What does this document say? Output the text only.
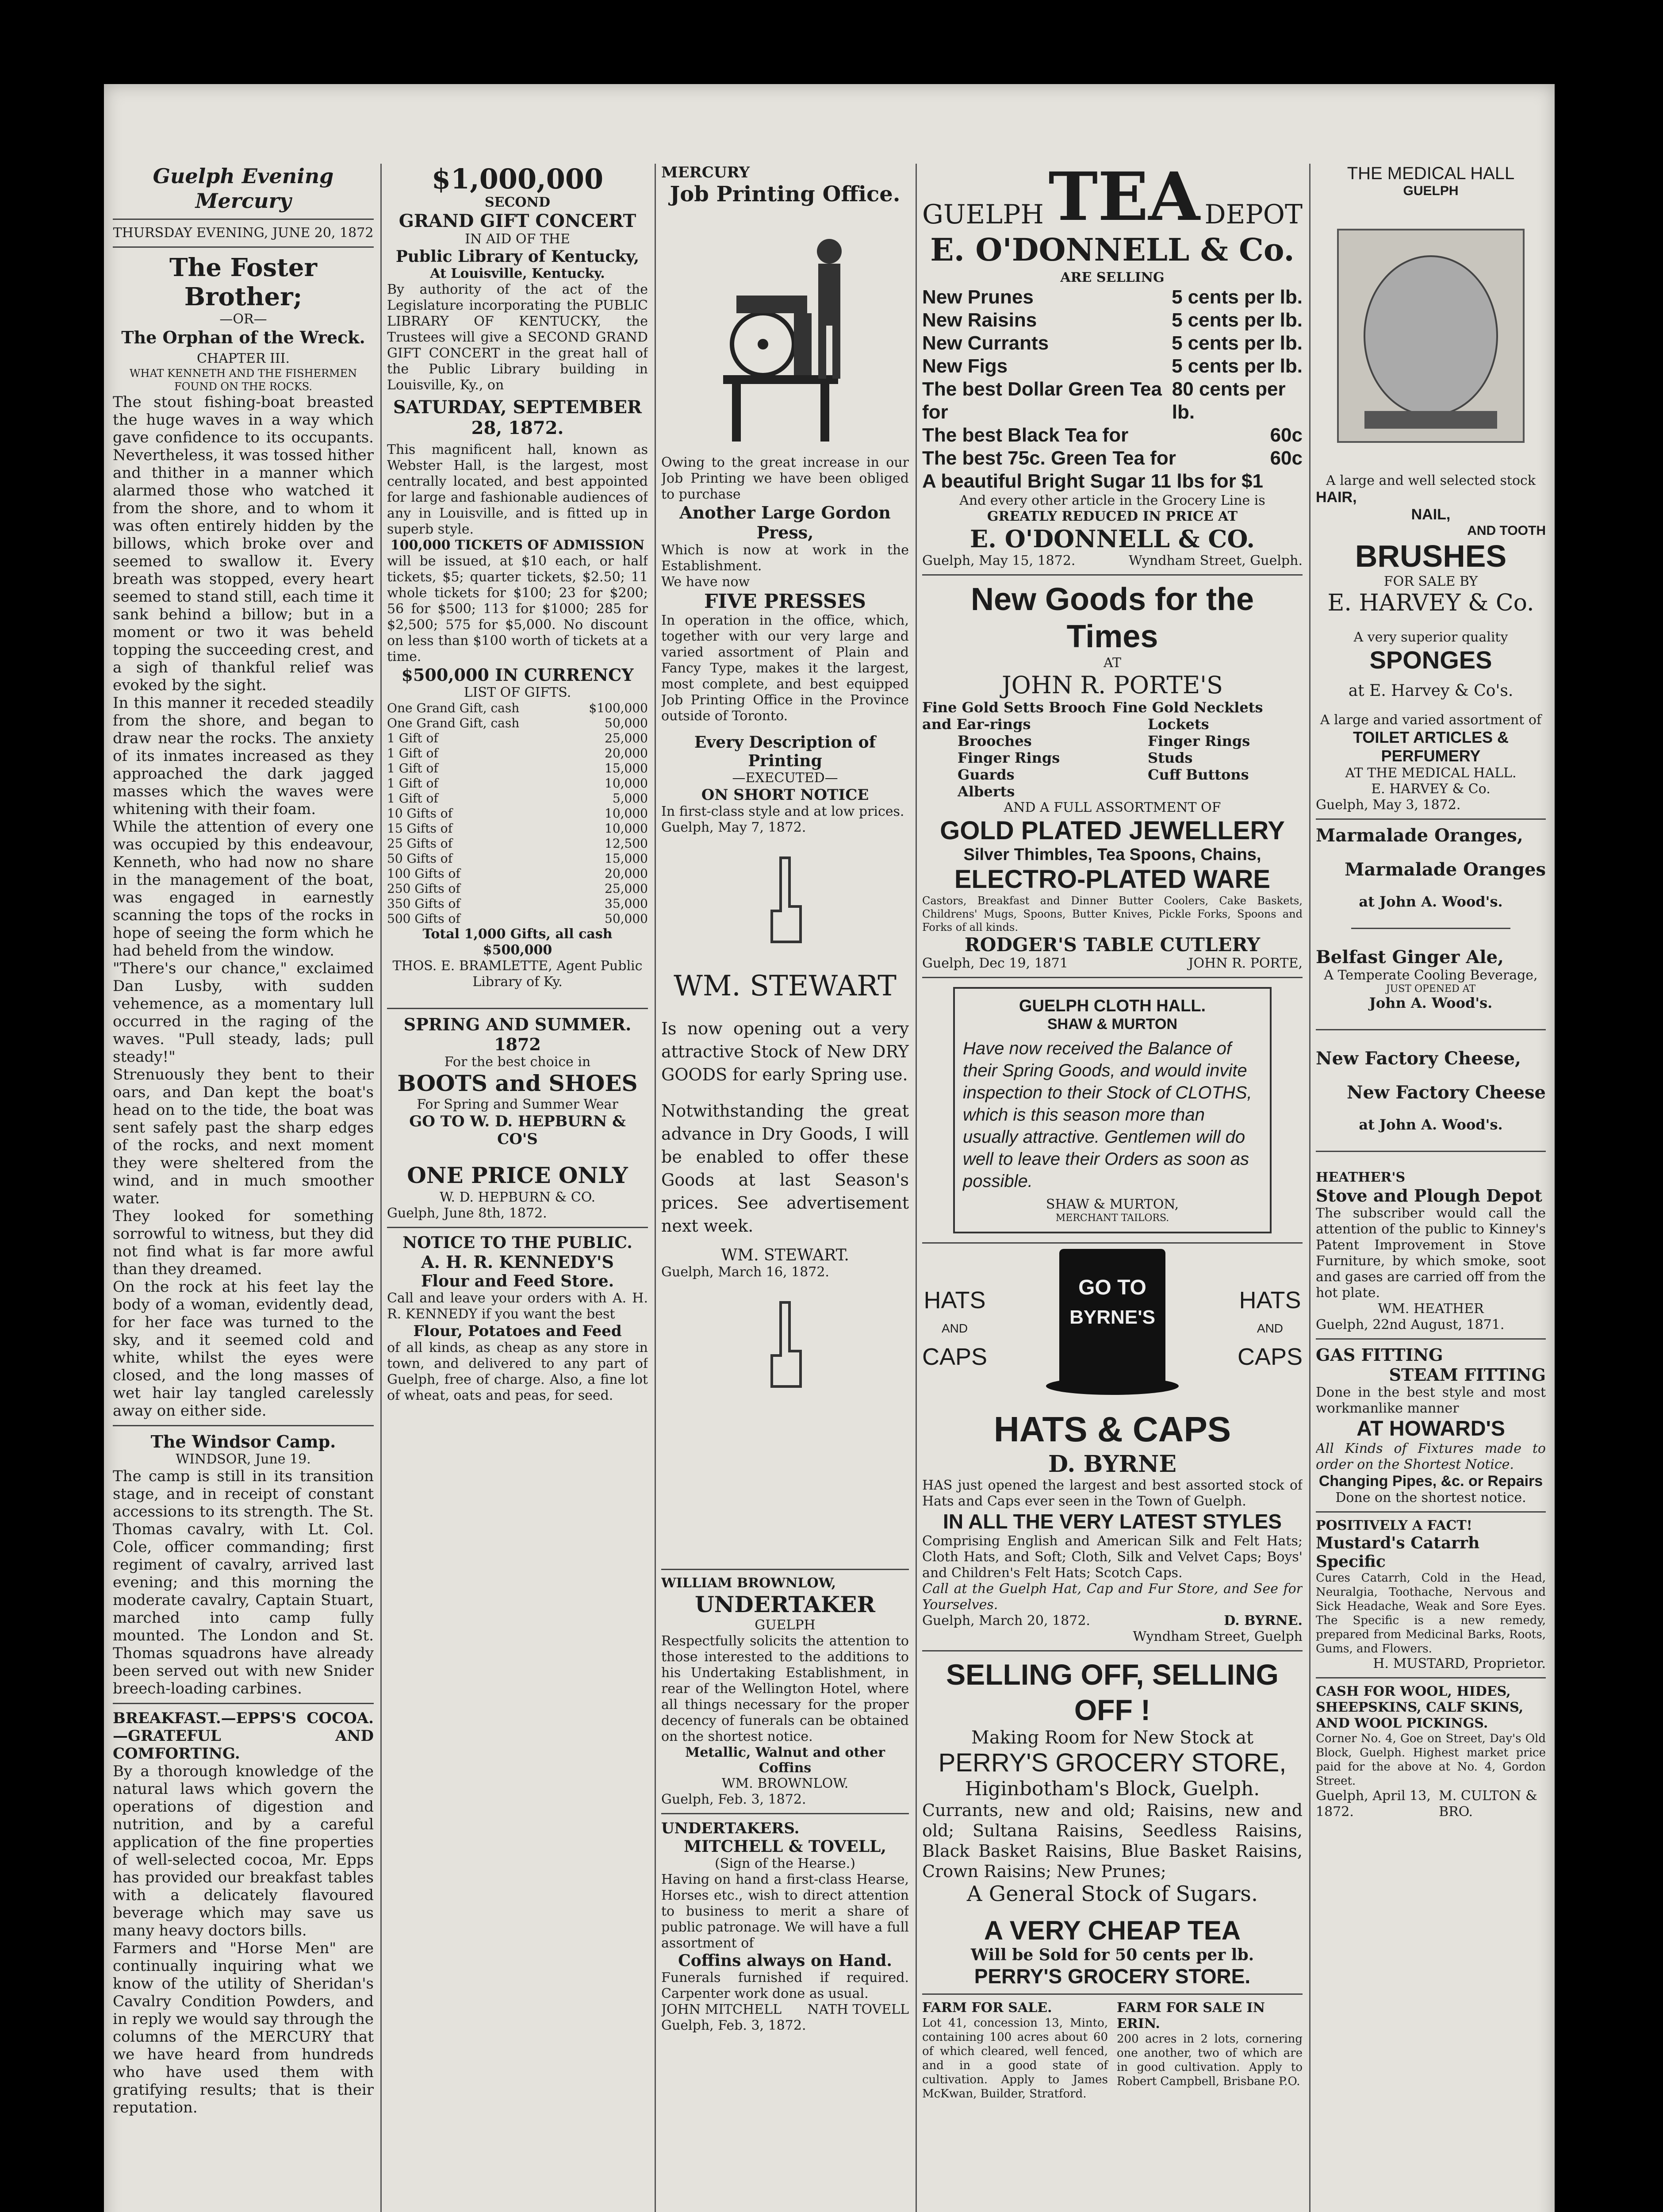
Guelph Evening Mercury
THURSDAY EVENING, JUNE 20, 1872
The Foster Brother;
—OR—
The Orphan of the Wreck.
CHAPTER III.
WHAT KENNETH AND THE FISHERMEN FOUND ON THE ROCKS.

The stout fishing-boat breasted the huge waves in a way which gave confidence to its occupants. Nevertheless, it was tossed hither and thither in a manner which alarmed those who watched it from the shore, and to whom it was often entirely hidden by the billows, which broke over and seemed to swallow it. Every breath was stopped, every heart seemed to stand still, each time it sank behind a billow; but in a moment or two it was beheld topping the succeeding crest, and a sigh of thankful relief was evoked by the sight.

In this manner it receded steadily from the shore, and began to draw near the rocks. The anxiety of its inmates increased as they approached the dark jagged masses which the waves were whitening with their foam.

While the attention of every one was occupied by this endeavour, Kenneth, who had now no share in the management of the boat, was engaged in earnestly scanning the tops of the rocks in hope of seeing the form which he had beheld from the window.

"There's our chance," exclaimed Dan Lusby, with sudden vehemence, as a momentary lull occurred in the raging of the waves. "Pull steady, lads; pull steady!"

Strenuously they bent to their oars, and Dan kept the boat's head on to the tide, the boat was sent safely past the sharp edges of the rocks, and next moment they were sheltered from the wind, and in much smoother water.

They looked for something sorrowful to witness, but they did not find what is far more awful than they dreamed.

On the rock at his feet lay the body of a woman, evidently dead, for her face was turned to the sky, and it seemed cold and white, whilst the eyes were closed, and the long masses of wet hair lay tangled carelessly away on either side.

The Windsor Camp.
WINDSOR, June 19.

The camp is still in its transition stage, and in receipt of constant accessions to its strength. The St. Thomas cavalry, with Lt. Col. Cole, officer commanding; first regiment of cavalry, arrived last evening; and this morning the moderate cavalry, Captain Stuart, marched into camp fully mounted. The London and St. Thomas squadrons have already been served out with new Snider breech-loading carbines.

BREAKFAST.—EPPS'S COCOA.—GRATEFUL AND COMFORTING.

By a thorough knowledge of the natural laws which govern the operations of digestion and nutrition, and by a careful application of the fine properties of well-selected cocoa, Mr. Epps has provided our breakfast tables with a delicately flavoured beverage which may save us many heavy doctors bills.

Farmers and "Horse Men" are continually inquiring what we know of the utility of Sheridan's Cavalry Condition Powders, and in reply we would say through the columns of the MERCURY that we have heard from hundreds who have used them with gratifying results; that is their reputation.

$1,000,000
SECOND
GRAND GIFT CONCERT
IN AID OF THE
Public Library of Kentucky,
At Louisville, Kentucky.

By authority of the act of the Legislature incorporating the PUBLIC LIBRARY OF KENTUCKY, the Trustees will give a SECOND GRAND GIFT CONCERT in the great hall of the Public Library building in Louisville, Ky., on

SATURDAY, SEPTEMBER 28, 1872.

This magnificent hall, known as Webster Hall, is the largest, most centrally located, and best appointed for large and fashionable audiences of any in Louisville, and is fitted up in superb style.

100,000 TICKETS OF ADMISSION

will be issued, at $10 each, or half tickets, $5; quarter tickets, $2.50; 11 whole tickets for $100; 23 for $200; 56 for $500; 113 for $1000; 285 for $2,500; 575 for $5,000. No discount on less than $100 worth of tickets at a time.

$500,000 IN CURRENCY
LIST OF GIFTS.
One Grand Gift, cash	$100,000
One Grand Gift, cash	50,000
1 Gift of	25,000
1 Gift of	20,000
1 Gift of	15,000
1 Gift of	10,000
1 Gift of	5,000
10 Gifts of	10,000
15 Gifts of	10,000
25 Gifts of	12,500
50 Gifts of	15,000
100 Gifts of	20,000
250 Gifts of	25,000
350 Gifts of	35,000
500 Gifts of	50,000
Total 1,000 Gifts, all cash $500,000
THOS. E. BRAMLETTE, Agent Public Library of Ky.
SPRING AND SUMMER.
1872
For the best choice in
BOOTS and SHOES
For Spring and Summer Wear
GO TO W. D. HEPBURN & CO'S
ONE PRICE ONLY
W. D. HEPBURN & CO.
Guelph, June 8th, 1872.
NOTICE TO THE PUBLIC.
A. H. R. KENNEDY'S
Flour and Feed Store.

Call and leave your orders with A. H. R. KENNEDY if you want the best

Flour, Potatoes and Feed

of all kinds, as cheap as any store in town, and delivered to any part of Guelph, free of charge. Also, a fine lot of wheat, oats and peas, for seed.

MERCURY
Job Printing Office.

Owing to the great increase in our Job Printing we have been obliged to purchase

Another Large Gordon Press,

Which is now at work in the Establishment.

We have now
FIVE PRESSES

In operation in the office, which, together with our very large and varied assortment of Plain and Fancy Type, makes it the largest, most complete, and best equipped Job Printing Office in the Province outside of Toronto.

Every Description of Printing
—EXECUTED—
ON SHORT NOTICE

In first-class style and at low prices.

Guelph, May 7, 1872.
WM. STEWART

Is now opening out a very attractive Stock of New DRY GOODS for early Spring use.

Notwithstanding the great advance in Dry Goods, I will be enabled to offer these Goods at last Season's prices. See advertisement next week.

WM. STEWART.
Guelph, March 16, 1872.
WILLIAM BROWNLOW,
UNDERTAKER
GUELPH

Respectfully solicits the attention to those interested to the additions to his Undertaking Establishment, in rear of the Wellington Hotel, where all things necessary for the proper decency of funerals can be obtained on the shortest notice.

Metallic, Walnut and other Coffins
WM. BROWNLOW.
Guelph, Feb. 3, 1872.
UNDERTAKERS.
MITCHELL & TOVELL,
(Sign of the Hearse.)

Having on hand a first-class Hearse, Horses etc., wish to direct attention to business to merit a share of public patronage. We will have a full assortment of

Coffins always on Hand.

Funerals furnished if required. Carpenter work done as usual.

JOHN MITCHELL NATH TOVELL
Guelph, Feb. 3, 1872.
GUELPH TEA DEPOT
E. O'DONNELL & Co.
ARE SELLING
New Prunes	5 cents per lb.
New Raisins	5 cents per lb.
New Currants	5 cents per lb.
New Figs	5 cents per lb.
The best Dollar Green Tea for
80 cents per lb.
The best Black Tea for	60c
The best 75c. Green Tea for	60c
A beautiful Bright Sugar 11 lbs for $1
And every other article in the Grocery Line is
GREATLY REDUCED IN PRICE AT
E. O'DONNELL & CO.
Guelph, May 15, 1872.	Wyndham Street, Guelph.
New Goods for the Times
AT
JOHN R. PORTE'S
Fine Gold Setts Brooch and Ear-rings
Brooches
Finger Rings
Guards
Alberts
Fine Gold Necklets
Lockets
Finger Rings
Studs
Cuff Buttons
AND A FULL ASSORTMENT OF
GOLD PLATED JEWELLERY
Silver Thimbles, Tea Spoons, Chains,
ELECTRO-PLATED WARE

Castors, Breakfast and Dinner Butter Coolers, Cake Baskets, Childrens' Mugs, Spoons, Butter Knives, Pickle Forks, Spoons and Forks of all kinds.

RODGER'S TABLE CUTLERY
Guelph, Dec 19, 1871	JOHN R. PORTE,
GUELPH CLOTH HALL.
SHAW & MURTON

Have now received the Balance of their Spring Goods, and would invite inspection to their Stock of CLOTHS, which is this season more than usually attractive. Gentlemen will do well to leave their Orders as soon as possible.

SHAW & MURTON,
MERCHANT TAILORS.
HATS
AND
CAPS
GO TO
BYRNE'S
HATS
AND
CAPS
HATS & CAPS
D. BYRNE

HAS just opened the largest and best assorted stock of Hats and Caps ever seen in the Town of Guelph.

IN ALL THE VERY LATEST STYLES

Comprising English and American Silk and Felt Hats; Cloth Hats, and Soft; Cloth, Silk and Velvet Caps; Boys' and Children's Felt Hats; Scotch Caps.

Call at the Guelph Hat, Cap and Fur Store, and See for Yourselves.

Guelph, March 20, 1872.	D. BYRNE.
Wyndham Street, Guelph
SELLING OFF, SELLING OFF !
Making Room for New Stock at
PERRY'S GROCERY STORE,
Higinbotham's Block, Guelph.

Currants, new and old; Raisins, new and old; Sultana Raisins, Seedless Raisins, Black Basket Raisins, Blue Basket Raisins, Crown Raisins; New Prunes;

A General Stock of Sugars.
A VERY CHEAP TEA
Will be Sold for 50 cents per lb.
PERRY'S GROCERY STORE.
FARM FOR SALE.

Lot 41, concession 13, Minto, containing 100 acres about 60 of which cleared, well fenced, and in a good state of cultivation. Apply to James McKwan, Builder, Stratford.

FARM FOR SALE IN ERIN.

200 acres in 2 lots, cornering one another, two of which are in good cultivation. Apply to Robert Campbell, Brisbane P.O.

THE MEDICAL HALL
GUELPH
A large and well selected stock
HAIR,
NAIL,
AND TOOTH
BRUSHES
FOR SALE BY
E. HARVEY & Co.
A very superior quality
SPONGES
at E. Harvey & Co's.
A large and varied assortment of
TOILET ARTICLES & PERFUMERY
AT THE MEDICAL HALL.
E. HARVEY & Co.
Guelph, May 3, 1872.
Marmalade Oranges,
Marmalade Oranges
at John A. Wood's.
Belfast Ginger Ale,
A Temperate Cooling Beverage,
JUST OPENED AT
John A. Wood's.
New Factory Cheese,
New Factory Cheese
at John A. Wood's.
HEATHER'S
Stove and Plough Depot

The subscriber would call the attention of the public to Kinney's Patent Improvement in Stove Furniture, by which smoke, soot and gases are carried off from the hot plate.

WM. HEATHER
Guelph, 22nd August, 1871.
GAS FITTING
STEAM FITTING

Done in the best style and most workmanlike manner

AT HOWARD'S

All Kinds of Fixtures made to order on the Shortest Notice.

Changing Pipes, &c. or Repairs
Done on the shortest notice.
POSITIVELY A FACT!
Mustard's Catarrh Specific

Cures Catarrh, Cold in the Head, Neuralgia, Toothache, Nervous and Sick Headache, Weak and Sore Eyes. The Specific is a new remedy, prepared from Medicinal Barks, Roots, Gums, and Flowers.

H. MUSTARD, Proprietor.
CASH FOR WOOL, HIDES, SHEEPSKINS, CALF SKINS, AND WOOL PICKINGS.

Corner No. 4, Goe on Street, Day's Old Block, Guelph. Highest market price paid for the above at No. 4, Gordon Street.

Guelph, April 13, 1872.
M. CULTON & BRO.
